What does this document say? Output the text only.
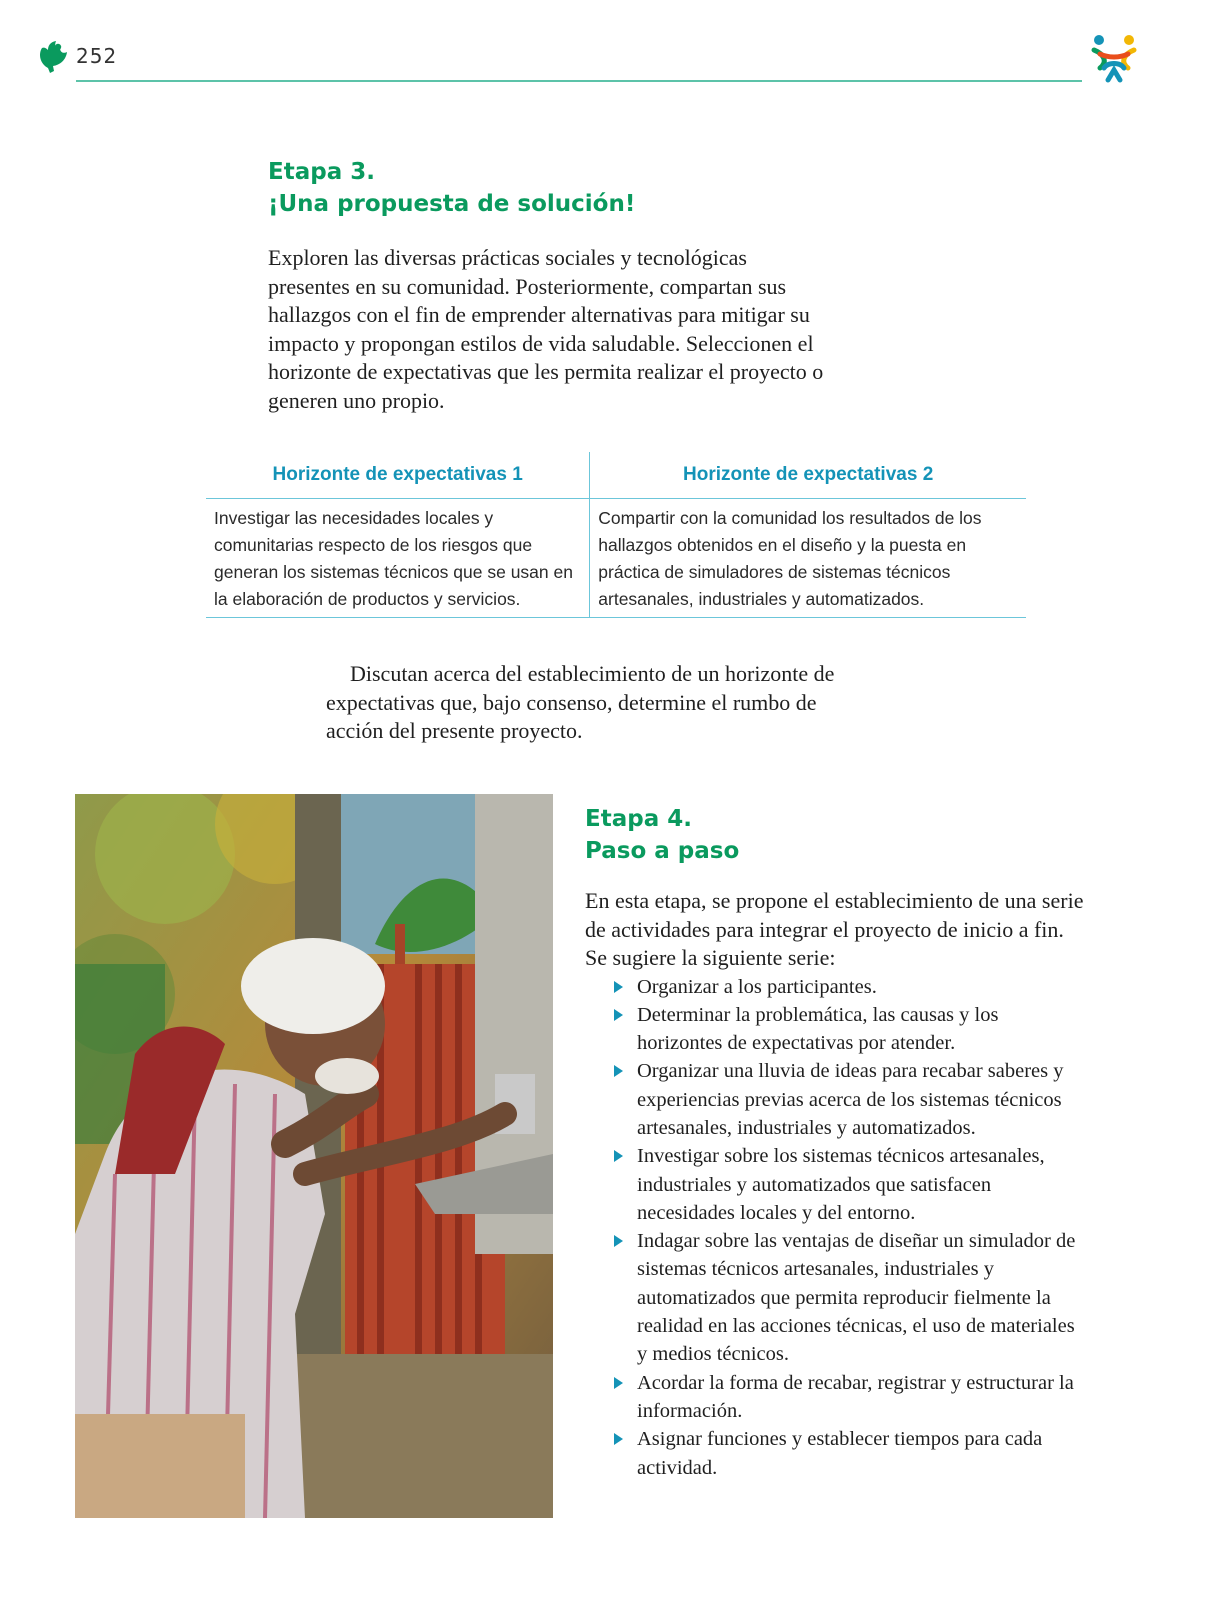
252
Etapa 3.
¡Una propuesta de solución!

Exploren las diversas prácticas sociales y tecnológicas presentes en su comunidad. Posteriormente, compartan sus hallazgos con el fin de emprender alternativas para mitigar su impacto y propongan estilos de vida saludable. Seleccionen el horizonte de expectativas que les permita realizar el proyecto o generen uno propio.

Horizonte de expectativas 1	Horizonte de expectativas 2
Investigar las necesidades locales y comunitarias respecto de los riesgos que generan los sistemas técnicos que se usan en la elaboración de productos y servicios.	Compartir con la comunidad los resultados de los hallazgos obtenidos en el diseño y la puesta en práctica de simuladores de sistemas técnicos artesanales, industriales y automatizados.

Discutan acerca del establecimiento de un horizonte de expectativas que, bajo consenso, determine el rumbo de acción del presente proyecto.

Etapa 4.
Paso a paso

En esta etapa, se propone el establecimiento de una serie de actividades para integrar el proyecto de inicio a fin. Se sugiere la siguiente serie:

Organizar a los participantes.
Determinar la problemática, las causas y los horizontes de expectativas por atender.
Organizar una lluvia de ideas para recabar saberes y experiencias previas acerca de los sistemas técnicos artesanales, industriales y automatizados.
Investigar sobre los sistemas técnicos artesanales, industriales y automatizados que satisfacen necesidades locales y del entorno.
Indagar sobre las ventajas de diseñar un simulador de sistemas técnicos artesanales, industriales y automatizados que permita reproducir fielmente la realidad en las acciones técnicas, el uso de materiales y medios técnicos.
Acordar la forma de recabar, registrar y estructurar la información.
Asignar funciones y establecer tiempos para cada actividad.
